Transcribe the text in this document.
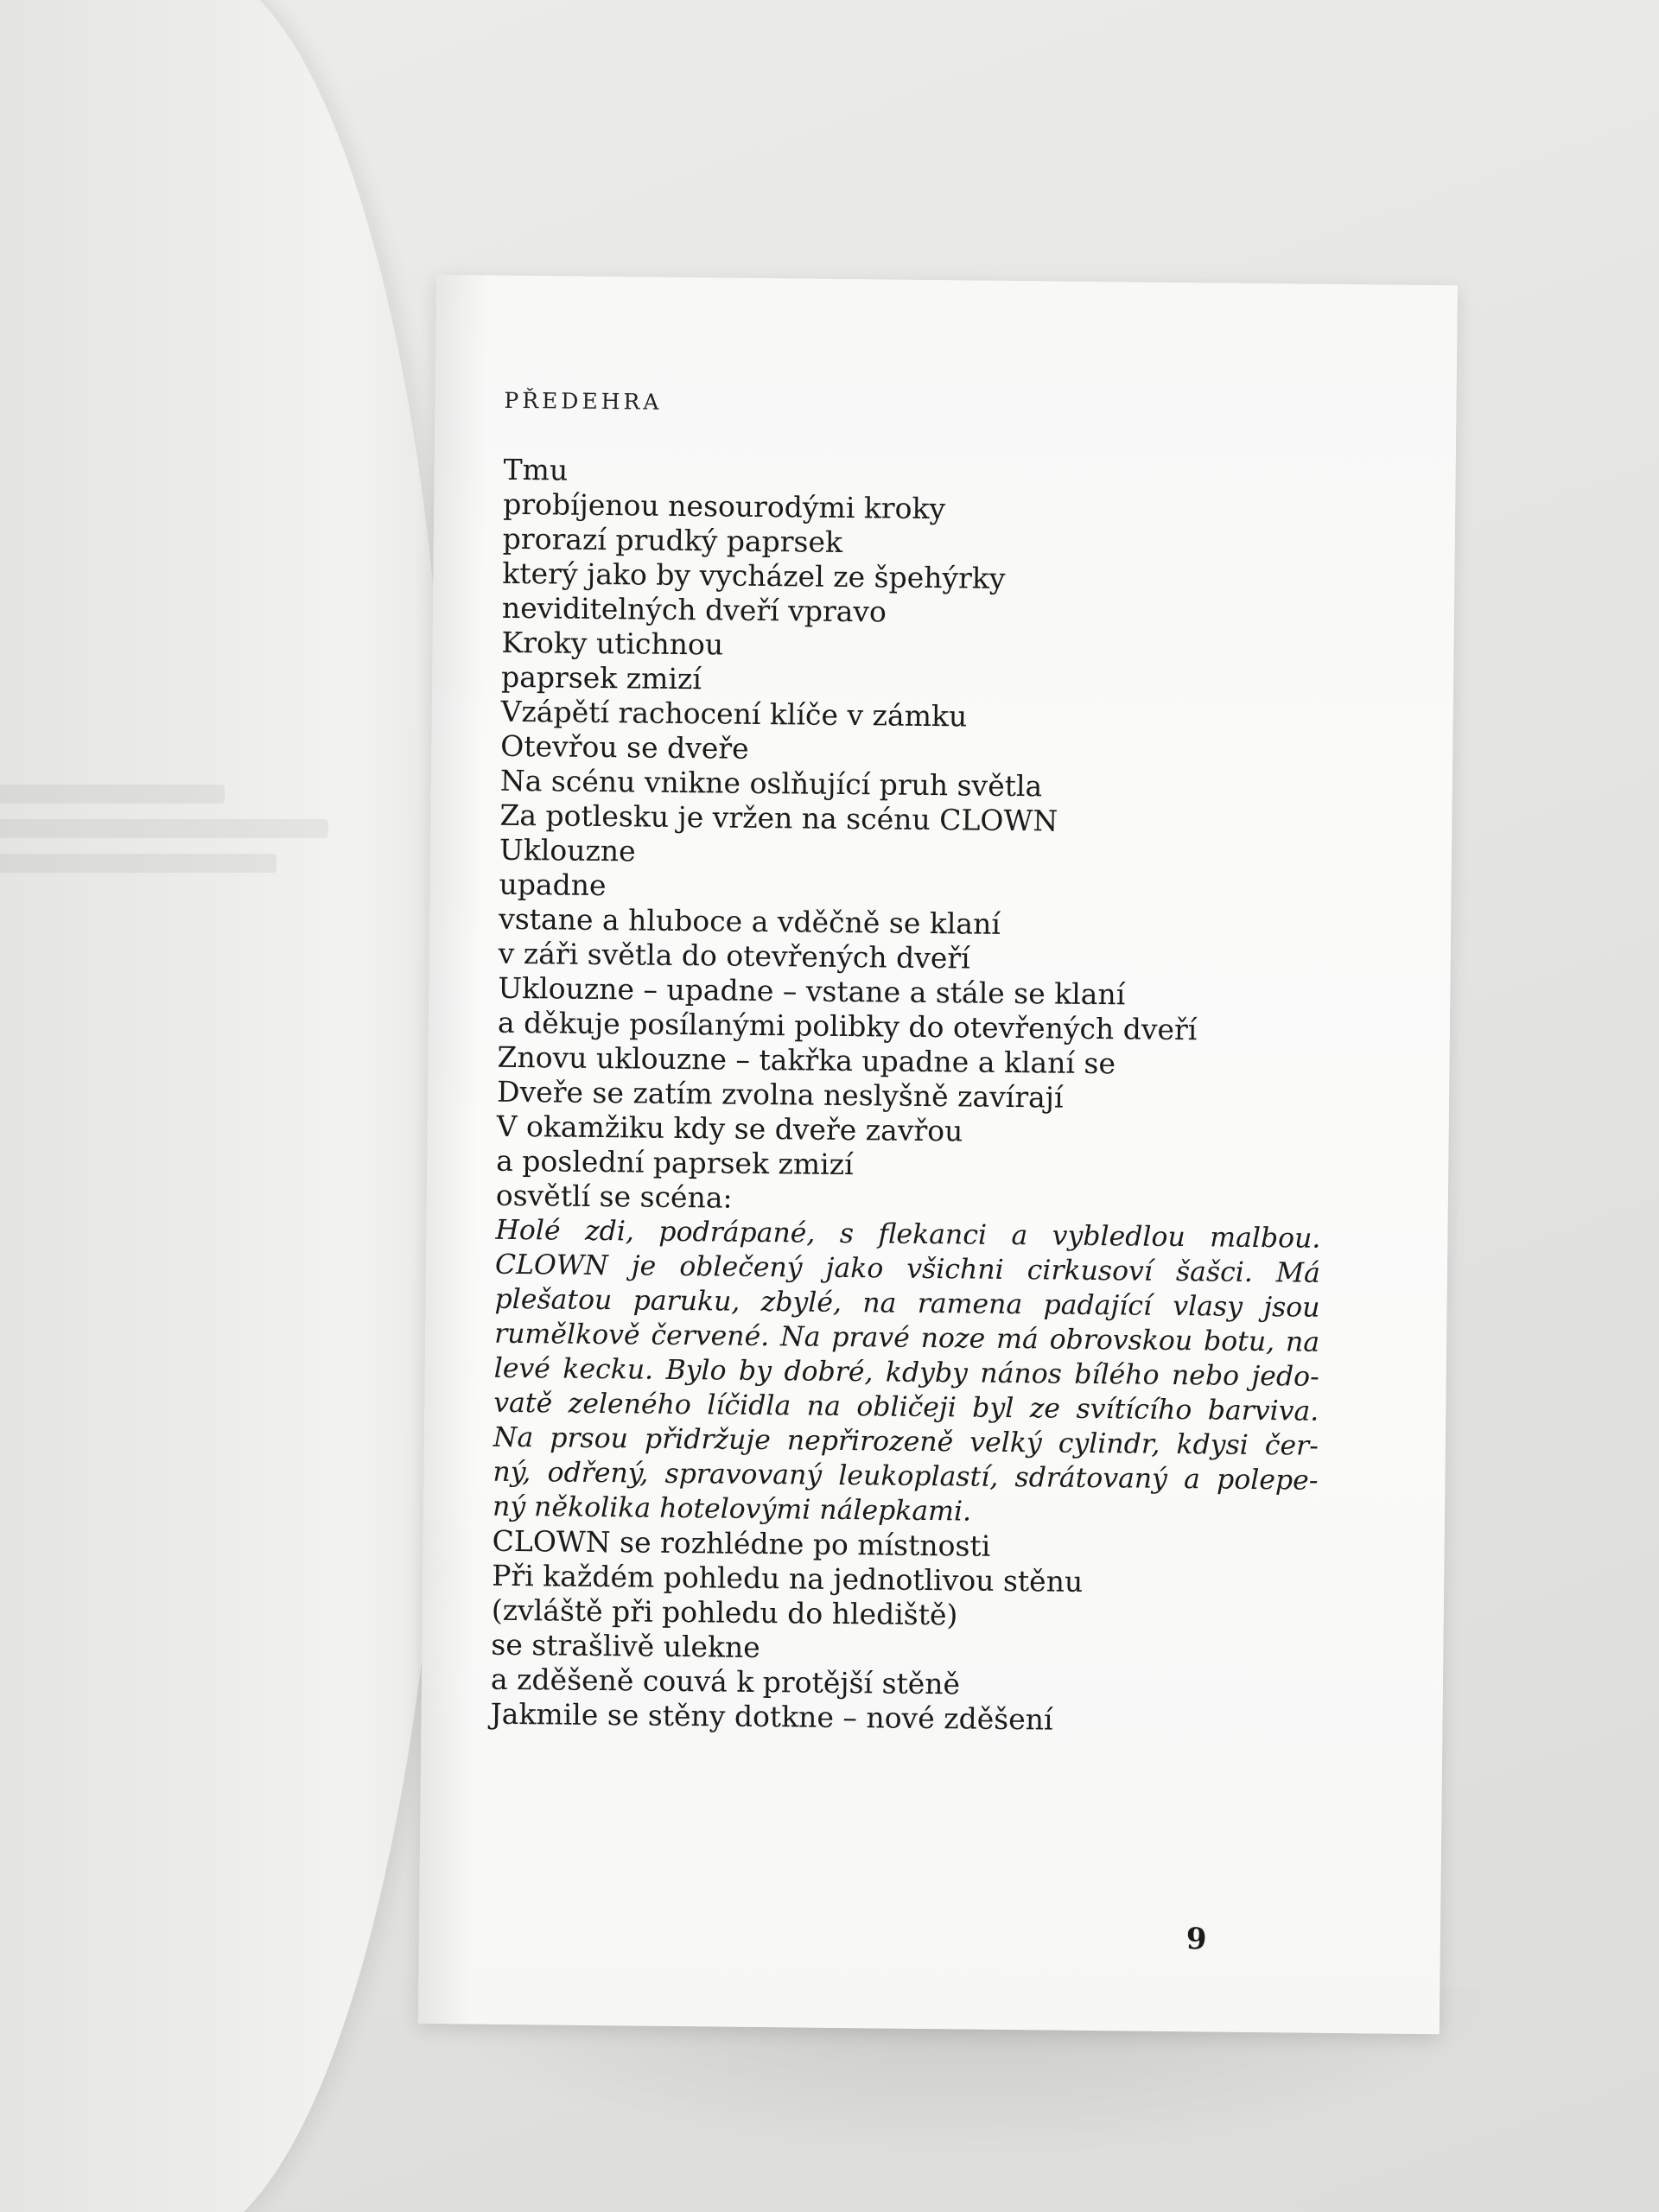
PŘEDEHRA
Tmu
probíjenou nesourodými kroky
prorazí prudký paprsek
který jako by vycházel ze špehýrky
neviditelných dveří vpravo
Kroky utichnou
paprsek zmizí
Vzápětí rachocení klíče v zámku
Otevřou se dveře
Na scénu vnikne oslňující pruh světla
Za potlesku je vržen na scénu CLOWN
Uklouzne
upadne
vstane a hluboce a vděčně se klaní
v záři světla do otevřených dveří
Uklouzne – upadne – vstane a stále se klaní
a děkuje posílanými polibky do otevřených dveří
Znovu uklouzne – takřka upadne a klaní se
Dveře se zatím zvolna neslyšně zavírají
V okamžiku kdy se dveře zavřou
a poslední paprsek zmizí
osvětlí se scéna:
Holé zdi, podrápané, s flekanci a vybledlou malbou.
CLOWN je oblečený jako všichni cirkusoví šašci. Má
plešatou paruku, zbylé, na ramena padající vlasy jsou
rumělkově červené. Na pravé noze má obrovskou botu, na
levé kecku. Bylo by dobré, kdyby nános bílého nebo jedo-
vatě zeleného líčidla na obličeji byl ze svítícího barviva.
Na prsou přidržuje nepřirozeně velký cylindr, kdysi čer-
ný, odřený, spravovaný leukoplastí, sdrátovaný a polepe-
ný několika hotelovými nálepkami.
CLOWN se rozhlédne po místnosti
Při každém pohledu na jednotlivou stěnu
(zvláště při pohledu do hlediště)
se strašlivě ulekne
a zděšeně couvá k protější stěně
Jakmile se stěny dotkne – nové zděšení
9
